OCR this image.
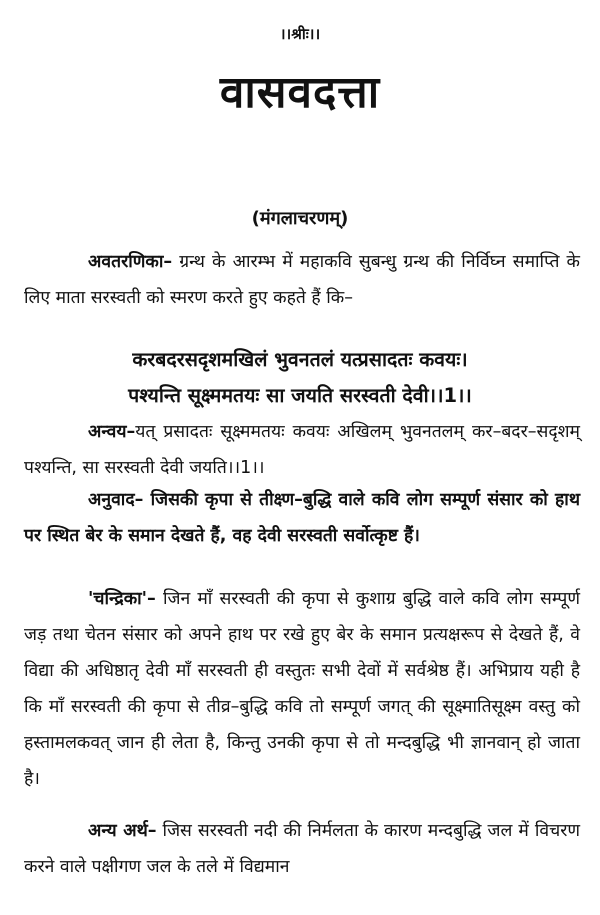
।।श्रीः।।
वासवदत्ता
(मंगलाचरणम्)
अवतरणिका– ग्रन्थ के आरम्भ में महाकवि सुबन्धु ग्रन्थ की निर्विघ्न समाप्ति के लिए माता सरस्वती को स्मरण करते हुए कहते हैं कि–
करबदरसदृशमखिलं भुवनतलं यत्प्रसादतः कवयः।
पश्यन्ति सूक्ष्ममतयः सा जयति सरस्वती देवी।।1।।
अन्वय–यत् प्रसादतः सूक्ष्ममतयः कवयः अखिलम् भुवनतलम् कर–बदर–सदृशम् पश्यन्ति, सा सरस्वती देवी जयति।।1।।
अनुवाद– जिसकी कृपा से तीक्ष्ण–बुद्धि वाले कवि लोग सम्पूर्ण संसार को हाथ पर स्थित बेर के समान देखते हैं, वह देवी सरस्वती सर्वोत्कृष्ट हैं।
'चन्द्रिका'– जिन माँ सरस्वती की कृपा से कुशाग्र बुद्धि वाले कवि लोग सम्पूर्ण जड़ तथा चेतन संसार को अपने हाथ पर रखे हुए बेर के समान प्रत्यक्षरूप से देखते हैं, वे विद्या की अधिष्ठातृ देवी माँ सरस्वती ही वस्तुतः सभी देवों में सर्वश्रेष्ठ हैं। अभिप्राय यही है कि माँ सरस्वती की कृपा से तीव्र–बुद्धि कवि तो सम्पूर्ण जगत् की सूक्ष्मातिसूक्ष्म वस्तु को हस्तामलकवत् जान ही लेता है, किन्तु उनकी कृपा से तो मन्दबुद्धि भी ज्ञानवान् हो जाता है।
अन्य अर्थ– जिस सरस्वती नदी की निर्मलता के कारण मन्दबुद्धि जल में विचरण करने वाले पक्षीगण जल के तले में विद्यमान
